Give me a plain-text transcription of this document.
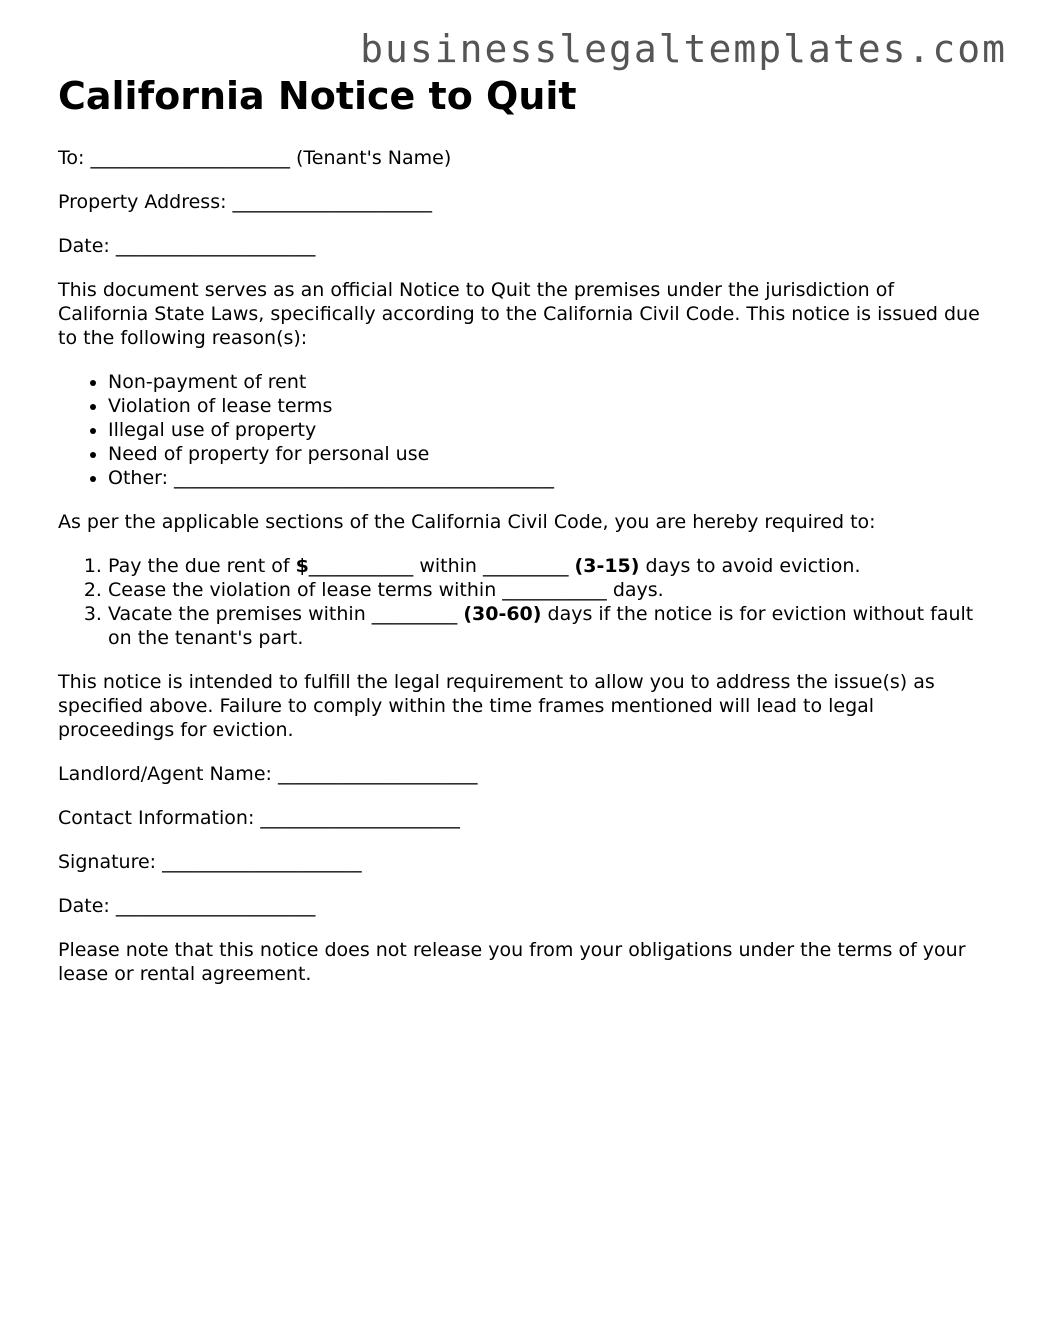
businesslegaltemplates.com
California Notice to Quit

To: _____________________ (Tenant's Name)

Property Address: _____________________

Date: _____________________

This document serves as an official Notice to Quit the premises under the jurisdiction of California State Laws, specifically according to the California Civil Code. This notice is issued due to the following reason(s):

• Non-payment of rent
• Violation of lease terms
• Illegal use of property
• Need of property for personal use
• Other: ________________________________________

As per the applicable sections of the California Civil Code, you are hereby required to:

1. Pay the due rent of $___________ within _________ (3-15) days to avoid eviction.
2. Cease the violation of lease terms within ___________ days.
3. Vacate the premises within _________ (30-60) days if the notice is for eviction without fault on the tenant's part.

This notice is intended to fulfill the legal requirement to allow you to address the issue(s) as specified above. Failure to comply within the time frames mentioned will lead to legal proceedings for eviction.

Landlord/Agent Name: _____________________

Contact Information: _____________________

Signature: _____________________

Date: _____________________

Please note that this notice does not release you from your obligations under the terms of your lease or rental agreement.
